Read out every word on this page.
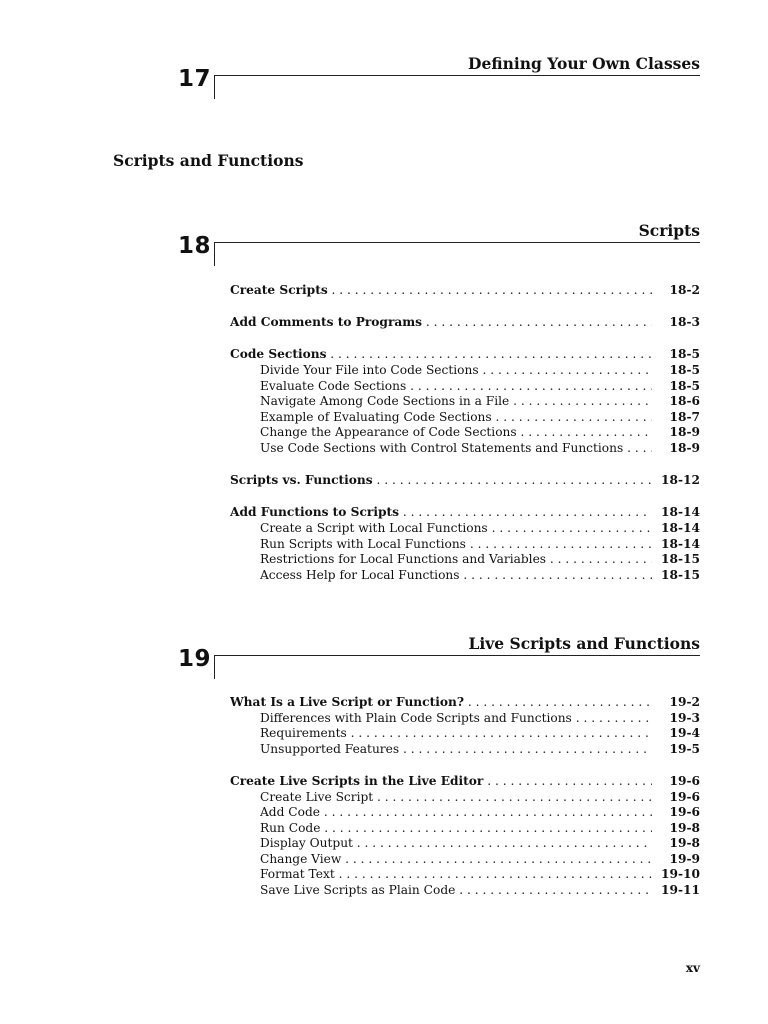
Defining Your Own Classes
17
Scripts and Functions
Scripts
18
Create Scripts . . .	18-2
Add Comments to Programs . . .	18-3
Code Sections . . .	18-5
Divide Your File into Code Sections . . .	18-5
Evaluate Code Sections . . .	18-5
Navigate Among Code Sections in a File . . .	18-6
Example of Evaluating Code Sections . . .	18-7
Change the Appearance of Code Sections . . .	18-9
Use Code Sections with Control Statements and Functions . . .	18-9
Scripts vs. Functions . . .	18-12
Add Functions to Scripts . . .	18-14
Create a Script with Local Functions . . .	18-14
Run Scripts with Local Functions . . .	18-14
Restrictions for Local Functions and Variables . . .	18-15
Access Help for Local Functions . . .	18-15
Live Scripts and Functions
19
What Is a Live Script or Function? . . .	19-2
Differences with Plain Code Scripts and Functions . . .	19-3
Requirements . . .	19-4
Unsupported Features . . .	19-5
Create Live Scripts in the Live Editor . . .	19-6
Create Live Script . . .	19-6
Add Code . . .	19-6
Run Code . . .	19-8
Display Output . . .	19-8
Change View . . .	19-9
Format Text . . .	19-10
Save Live Scripts as Plain Code . . .	19-11
xv
